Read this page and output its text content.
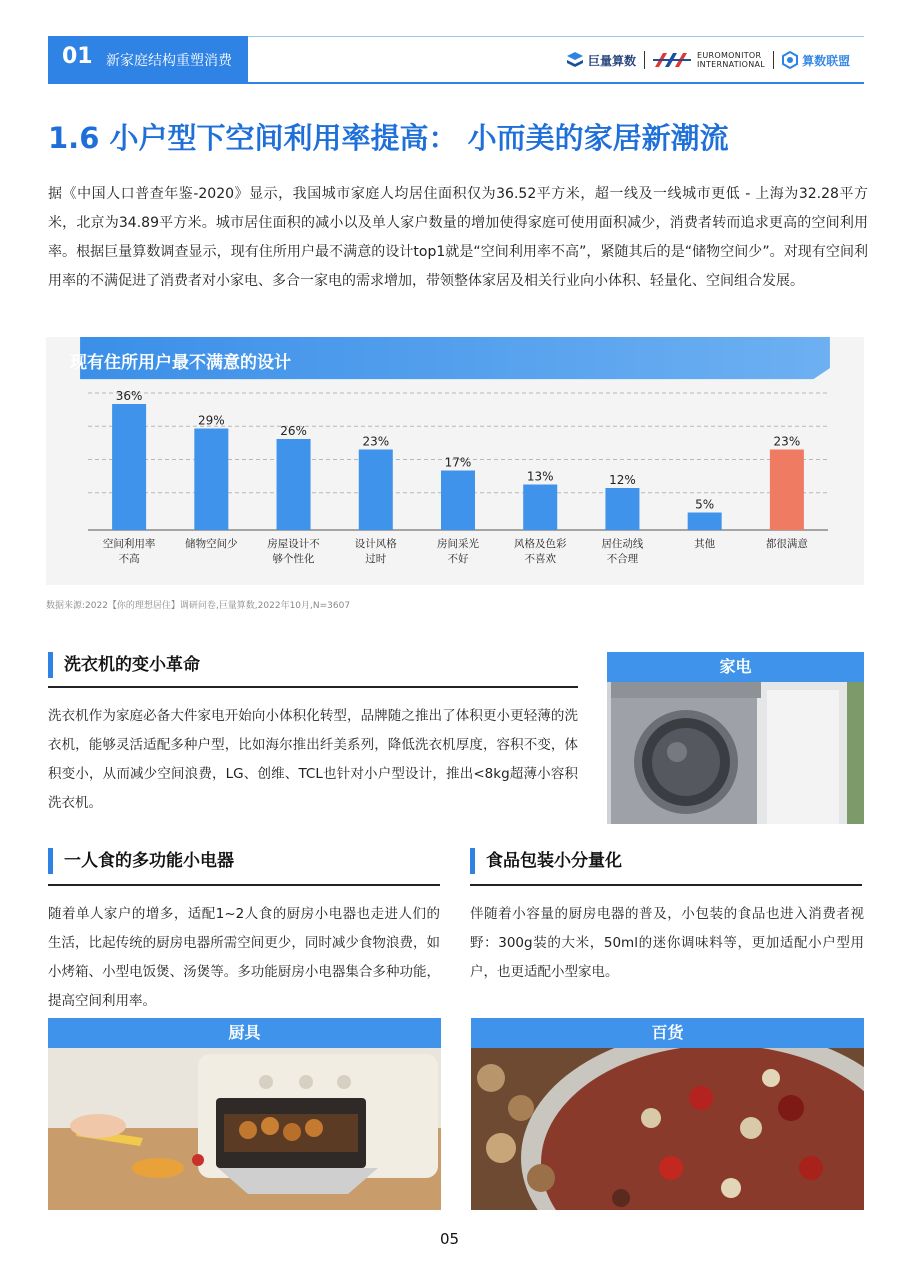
01 新家庭结构重塑消费	巨量算数	EUROMONITOR
INTERNATIONAL	算数联盟
1.6 小户型下空间利用率提高： 小而美的家居新潮流
据《中国人口普查年鉴-2020》显示，我国城市家庭人均居住面积仅为36.52平方米，超一线及一线城市更低 - 上海为32.28平方米，北京为34.89平方米。城市居住面积的减小以及单人家户数量的增加使得家庭可使用面积减少，消费者转而追求更高的空间利用率。根据巨量算数调查显示，现有住所用户最不满意的设计top1就是“空间利用率不高”，紧随其后的是“储物空间少”。对现有空间利用率的不满促进了消费者对小家电、多合一家电的需求增加，带领整体家居及相关行业向小体积、轻量化、空间组合发展。
现有住所用户最不满意的设计
36%
空间利用率
不高
29%
储物空间少
26%
房屋设计不
够个性化
23%
设计风格
过时
17%
房间采光
不好
13%
风格及色彩
不喜欢
12%
居住动线
不合理
5%
其他
23%
都很满意
数据来源:2022【你的理想居住】调研问卷,巨量算数,2022年10月,N=3607
洗衣机的变小革命
洗衣机作为家庭必备大件家电开始向小体积化转型，品牌随之推出了体积更小更轻薄的洗衣机，能够灵活适配多种户型，比如海尔推出纤美系列，降低洗衣机厚度，容积不变，体积变小，从而减少空间浪费，LG、创维、TCL也针对小户型设计，推出<8kg超薄小容积洗衣机。
家电
一人食的多功能小电器
随着单人家户的增多，适配1~2人食的厨房小电器也走进人们的生活，比起传统的厨房电器所需空间更少，同时减少食物浪费，如小烤箱、小型电饭煲、汤煲等。多功能厨房小电器集合多种功能，提高空间利用率。
厨具
食品包装小分量化
伴随着小容量的厨房电器的普及，小包装的食品也进入消费者视野：300g装的大米，50ml的迷你调味料等，更加适配小户型用户，也更适配小型家电。
百货
05
